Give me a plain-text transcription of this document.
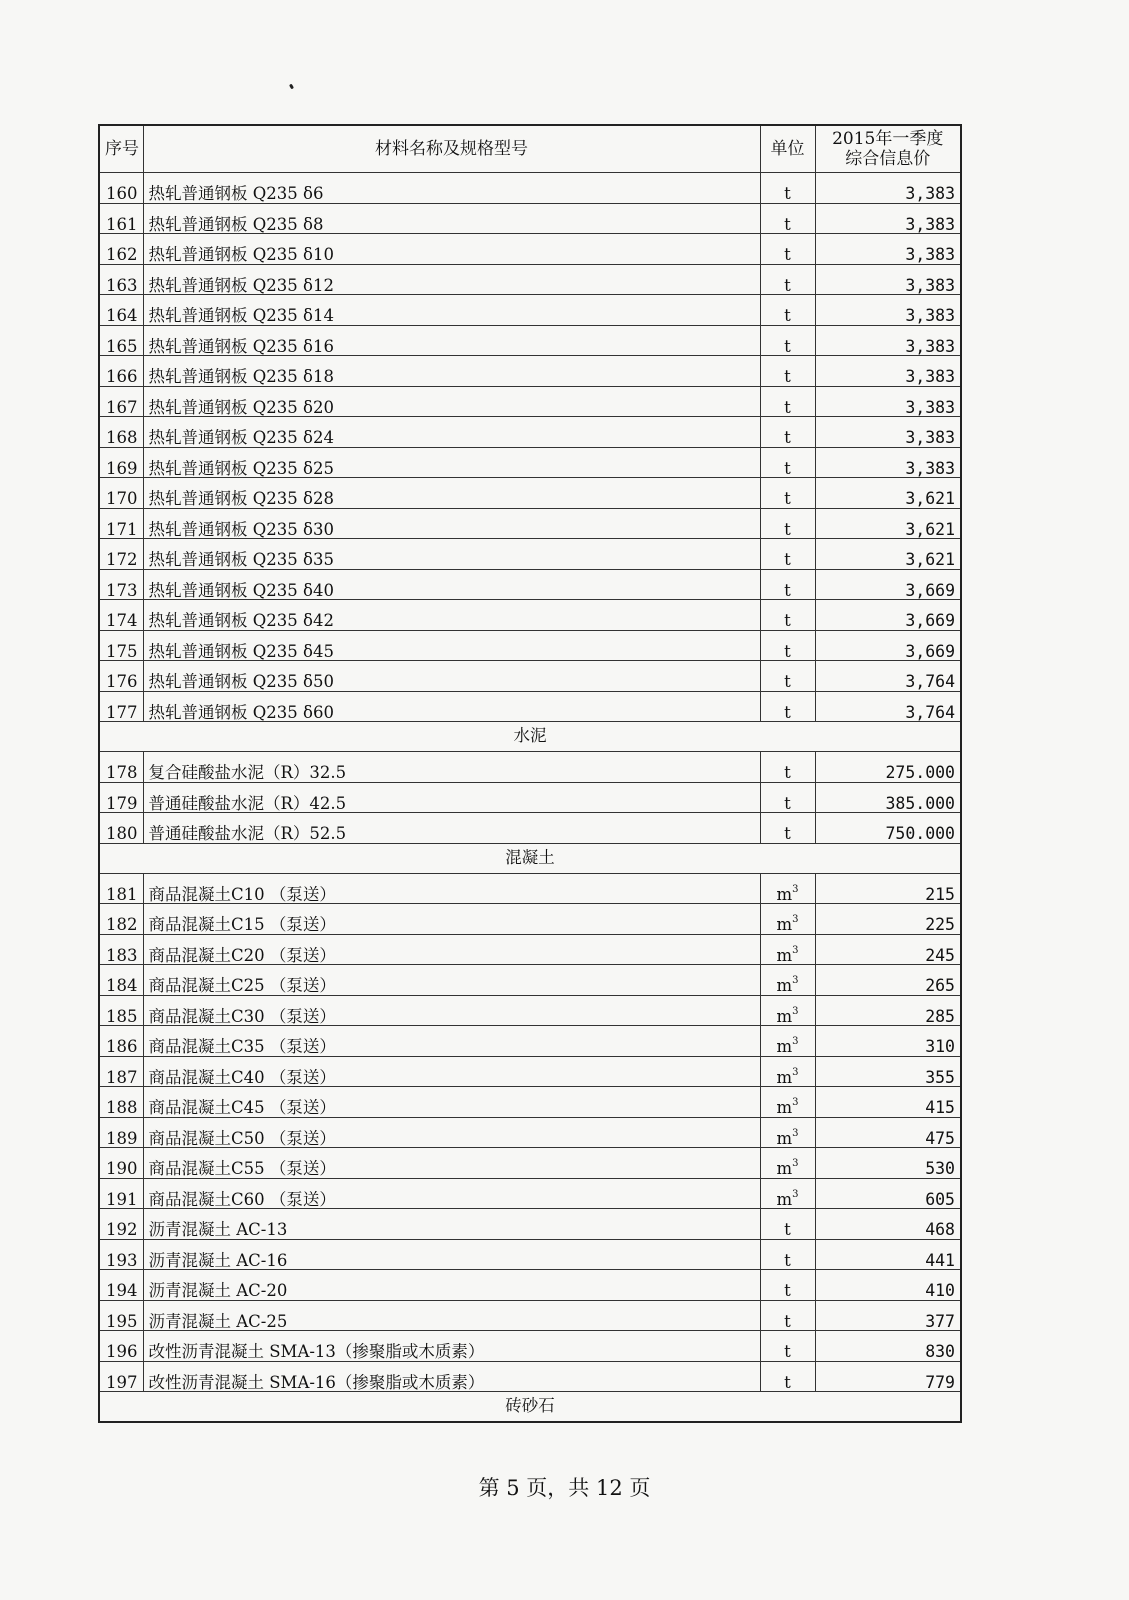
序号	材料名称及规格型号	单位	2015年一季度
综合信息价
160	热轧普通钢板 Q235 δ6	t	3,383
161	热轧普通钢板 Q235 δ8	t	3,383
162	热轧普通钢板 Q235 δ10	t	3,383
163	热轧普通钢板 Q235 δ12	t	3,383
164	热轧普通钢板 Q235 δ14	t	3,383
165	热轧普通钢板 Q235 δ16	t	3,383
166	热轧普通钢板 Q235 δ18	t	3,383
167	热轧普通钢板 Q235 δ20	t	3,383
168	热轧普通钢板 Q235 δ24	t	3,383
169	热轧普通钢板 Q235 δ25	t	3,383
170	热轧普通钢板 Q235 δ28	t	3,621
171	热轧普通钢板 Q235 δ30	t	3,621
172	热轧普通钢板 Q235 δ35	t	3,621
173	热轧普通钢板 Q235 δ40	t	3,669
174	热轧普通钢板 Q235 δ42	t	3,669
175	热轧普通钢板 Q235 δ45	t	3,669
176	热轧普通钢板 Q235 δ50	t	3,764
177	热轧普通钢板 Q235 δ60	t	3,764
水泥			
178	复合硅酸盐水泥（R）32.5	t	275.000
179	普通硅酸盐水泥（R）42.5	t	385.000
180	普通硅酸盐水泥（R）52.5	t	750.000
混凝土			
181	商品混凝土C10 （泵送）	$m^3$	215
182	商品混凝土C15 （泵送）	$m^3$	225
183	商品混凝土C20 （泵送）	$m^3$	245
184	商品混凝土C25 （泵送）	$m^3$	265
185	商品混凝土C30 （泵送）	$m^3$	285
186	商品混凝土C35 （泵送）	$m^3$	310
187	商品混凝土C40 （泵送）	$m^3$	355
188	商品混凝土C45 （泵送）	$m^3$	415
189	商品混凝土C50 （泵送）	$m^3$	475
190	商品混凝土C55 （泵送）	$m^3$	530
191	商品混凝土C60 （泵送）	$m^3$	605
192	沥青混凝土 AC-13	t	468
193	沥青混凝土 AC-16	t	441
194	沥青混凝土 AC-20	t	410
195	沥青混凝土 AC-25	t	377
196	改性沥青混凝土 SMA-13（掺聚脂或木质素）	t	830
197	改性沥青混凝土 SMA-16（掺聚脂或木质素）	t	779
砖砂石			
第 5 页，共 12 页
